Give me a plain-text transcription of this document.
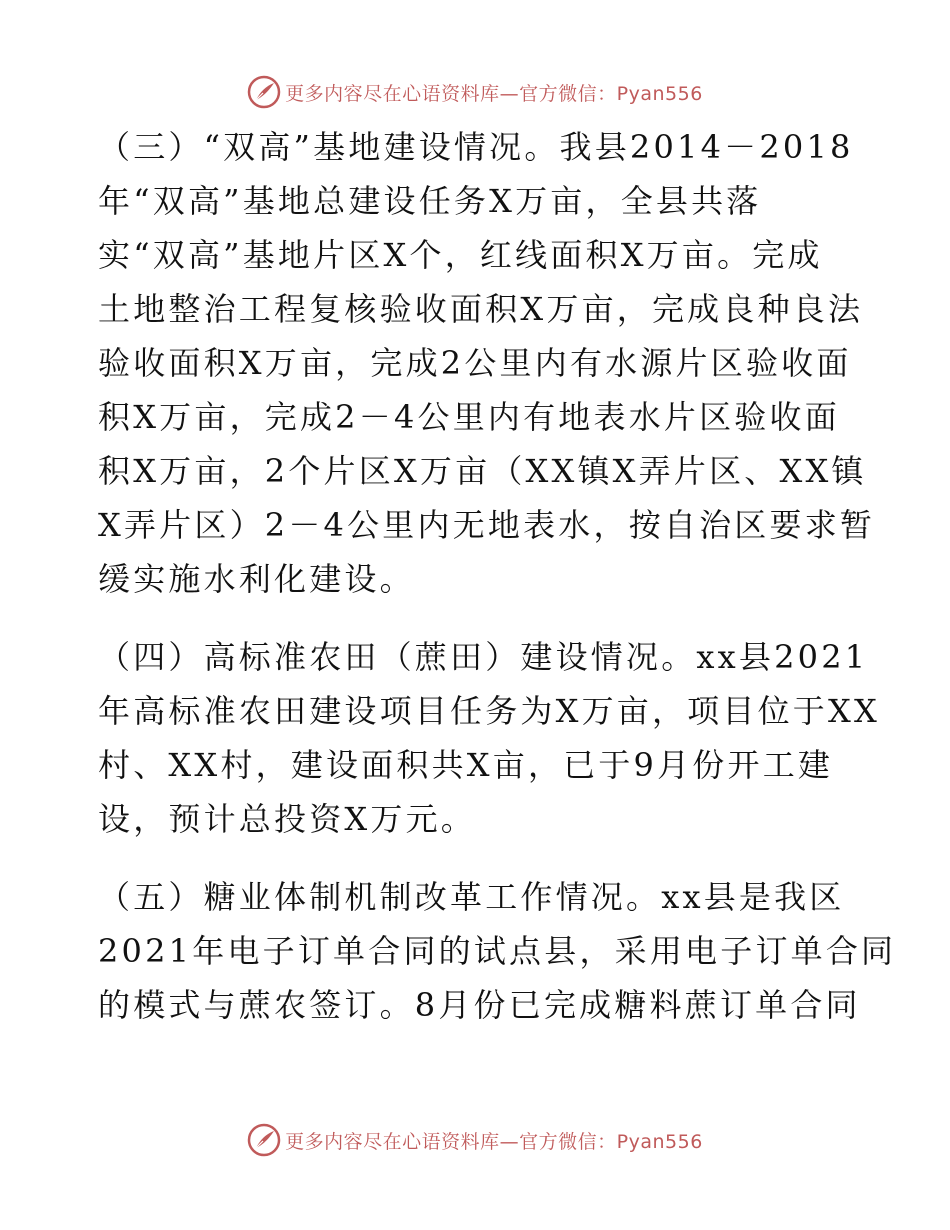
更多内容尽在心语资料库—官方微信：Pyan556
（三）“双高”基地建设情况。我县2014－2018
年“双高”基地总建设任务X万亩，全县共落
实“双高”基地片区X个，红线面积X万亩。完成
土地整治工程复核验收面积X万亩，完成良种良法
验收面积X万亩，完成2公里内有水源片区验收面
积X万亩，完成2－4公里内有地表水片区验收面
积X万亩，2个片区X万亩（XX镇X弄片区、XX镇
X弄片区）2－4公里内无地表水，按自治区要求暂
缓实施水利化建设。
（四）高标准农田（蔗田）建设情况。xx县2021
年高标准农田建设项目任务为X万亩，项目位于XX
村、XX村，建设面积共X亩，已于9月份开工建
设，预计总投资X万元。
（五）糖业体制机制改革工作情况。xx县是我区
2021年电子订单合同的试点县，采用电子订单合同
的模式与蔗农签订。8月份已完成糖料蔗订单合同
更多内容尽在心语资料库—官方微信：Pyan556
